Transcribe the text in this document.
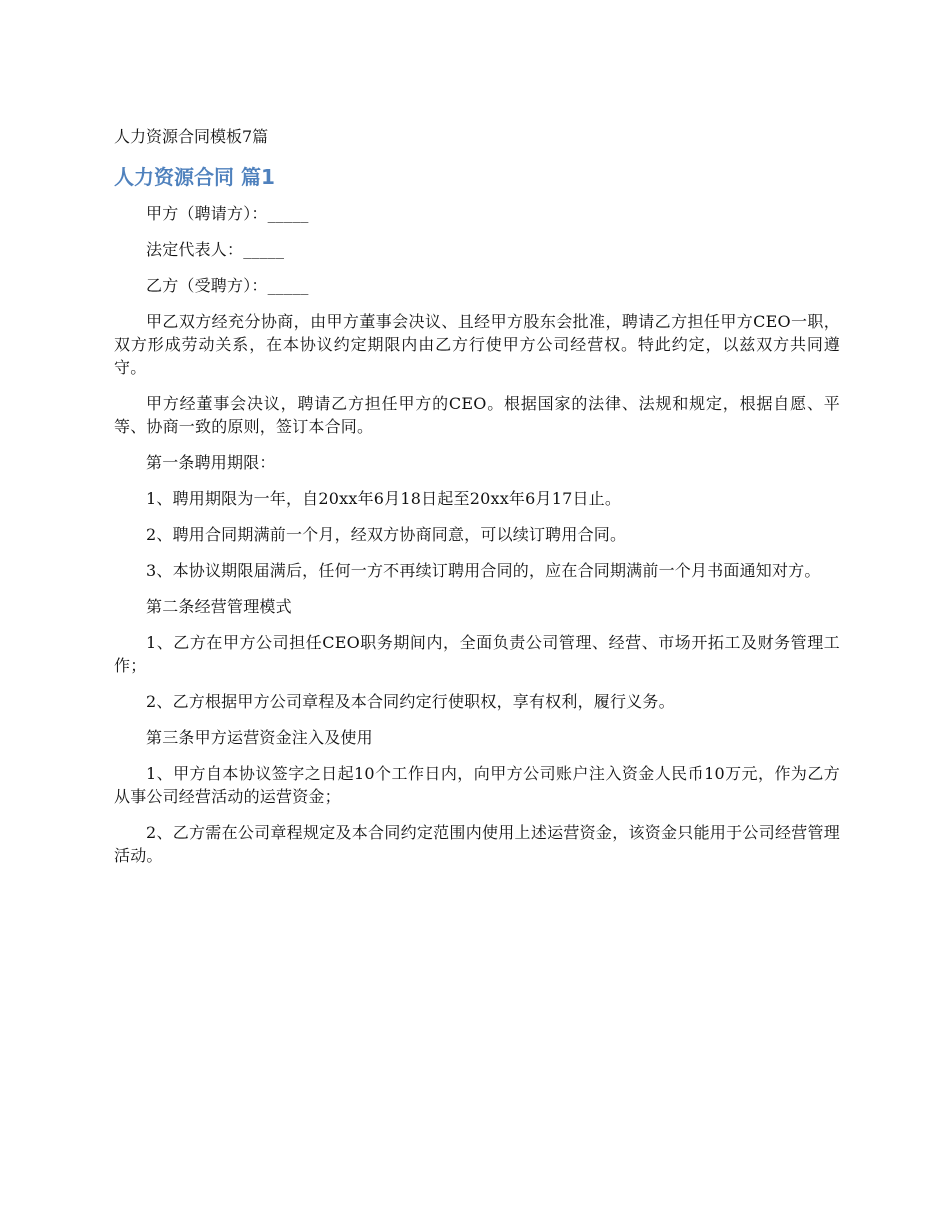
人力资源合同模板7篇
人力资源合同 篇1

甲方（聘请方）：_____

法定代表人：_____

乙方（受聘方）：_____

甲乙双方经充分协商，由甲方董事会决议、且经甲方股东会批准，聘请乙方担任甲方CEO一职，双方形成劳动关系，在本协议约定期限内由乙方行使甲方公司经营权。特此约定，以兹双方共同遵守。

甲方经董事会决议，聘请乙方担任甲方的CEO。根据国家的法律、法规和规定，根据自愿、平等、协商一致的原则，签订本合同。

第一条聘用期限：

1、聘用期限为一年，自20xx年6月18日起至20xx年6月17日止。

2、聘用合同期满前一个月，经双方协商同意，可以续订聘用合同。

3、本协议期限届满后，任何一方不再续订聘用合同的，应在合同期满前一个月书面通知对方。

第二条经营管理模式

1、乙方在甲方公司担任CEO职务期间内，全面负责公司管理、经营、市场开拓工及财务管理工作；

2、乙方根据甲方公司章程及本合同约定行使职权，享有权利，履行义务。

第三条甲方运营资金注入及使用

1、甲方自本协议签字之日起10个工作日内，向甲方公司账户注入资金人民币10万元，作为乙方从事公司经营活动的运营资金；

2、乙方需在公司章程规定及本合同约定范围内使用上述运营资金，该资金只能用于公司经营管理活动。
